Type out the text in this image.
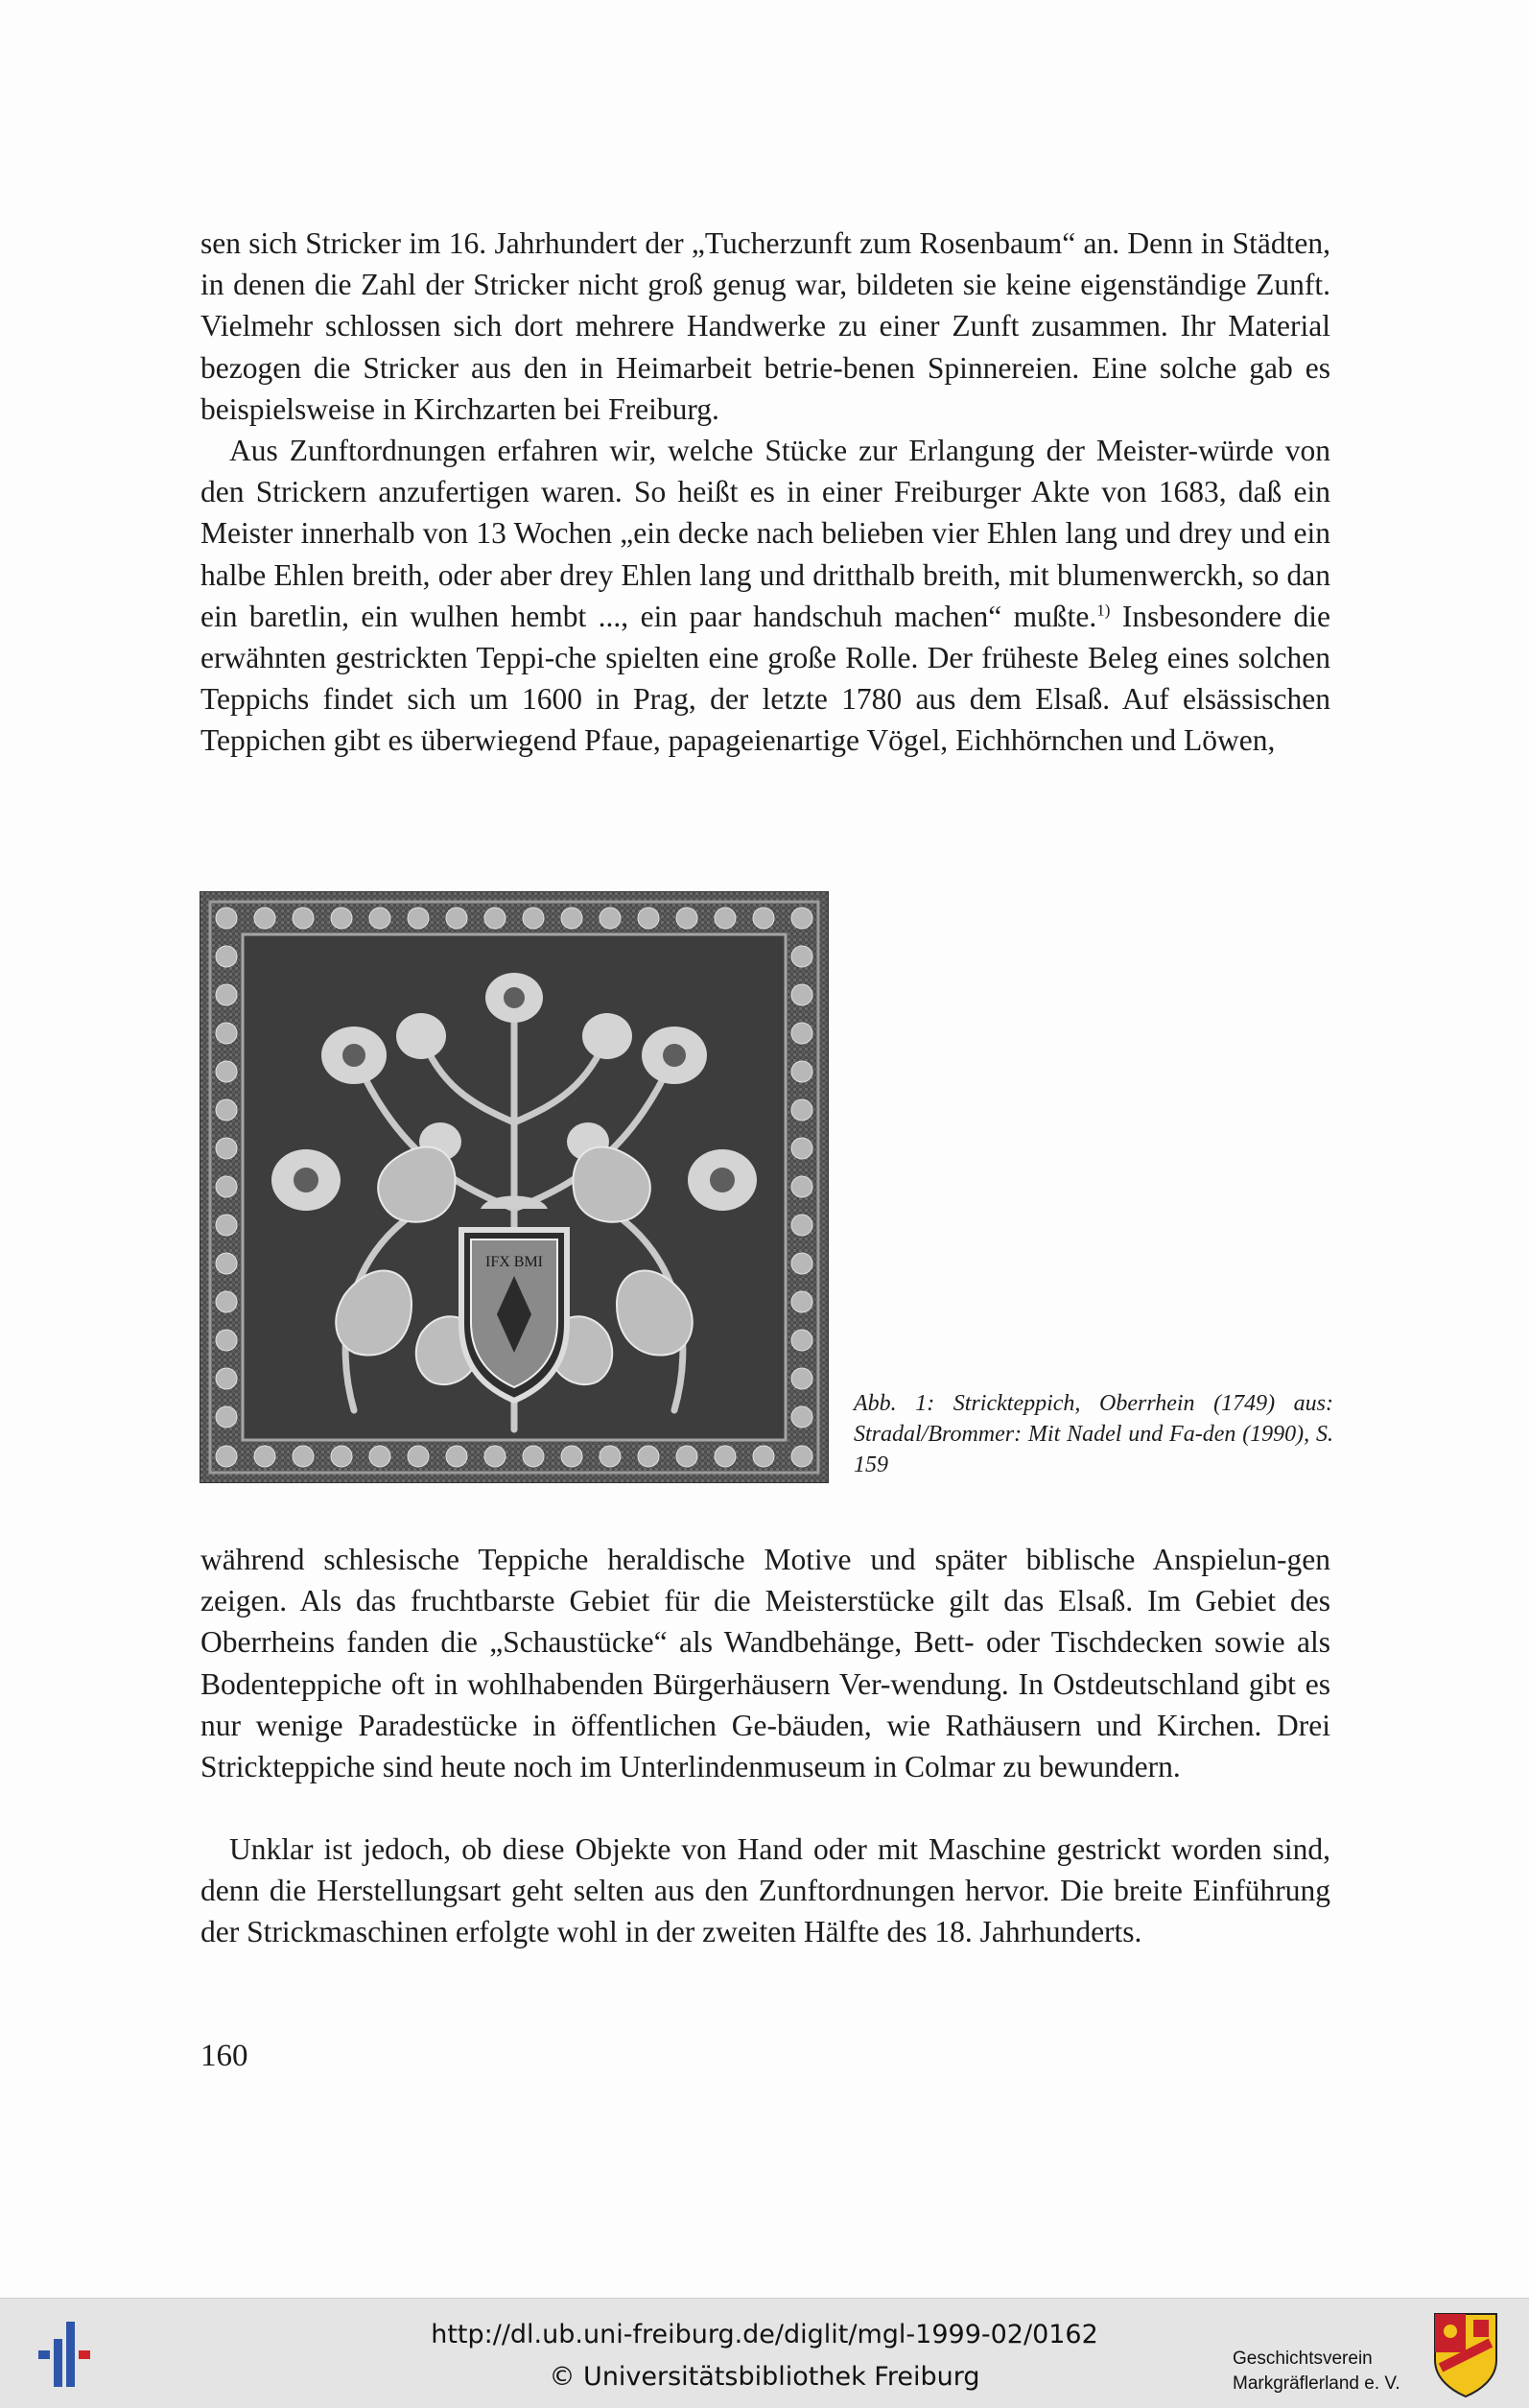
sen sich Stricker im 16. Jahrhundert der „Tucherzunft zum Rosenbaum“ an. Denn in Städten, in denen die Zahl der Stricker nicht groß genug war, bildeten sie keine eigenständige Zunft. Vielmehr schlossen sich dort mehrere Handwerke zu einer Zunft zusammen. Ihr Material bezogen die Stricker aus den in Heimarbeit betrie-benen Spinnereien. Eine solche gab es beispielsweise in Kirchzarten bei Freiburg.

Aus Zunftordnungen erfahren wir, welche Stücke zur Erlangung der Meister-würde von den Strickern anzufertigen waren. So heißt es in einer Freiburger Akte von 1683, daß ein Meister innerhalb von 13 Wochen „ein decke nach belieben vier Ehlen lang und drey und ein halbe Ehlen breith, oder aber drey Ehlen lang und dritthalb breith, mit blumenwerckh, so dan ein baretlin, ein wulhen hembt ..., ein paar handschuh machen“ mußte.$^{1)}$ Insbesondere die erwähnten gestrickten Teppi-che spielten eine große Rolle. Der früheste Beleg eines solchen Teppichs findet sich um 1600 in Prag, der letzte 1780 aus dem Elsaß. Auf elsässischen Teppichen gibt es überwiegend Pfaue, papageienartige Vögel, Eichhörnchen und Löwen,

IFX BMI

Abb. 1: Strickteppich, Oberrhein (1749) aus: Stradal/Brommer: Mit Nadel und Fa-den (1990), S. 159

während schlesische Teppiche heraldische Motive und später biblische Anspielun-gen zeigen. Als das fruchtbarste Gebiet für die Meisterstücke gilt das Elsaß. Im Gebiet des Oberrheins fanden die „Schaustücke“ als Wandbehänge, Bett- oder Tischdecken sowie als Bodenteppiche oft in wohlhabenden Bürgerhäusern Ver-wendung. In Ostdeutschland gibt es nur wenige Paradestücke in öffentlichen Ge-bäuden, wie Rathäusern und Kirchen. Drei Strickteppiche sind heute noch im Unterlindenmuseum in Colmar zu bewundern.

Unklar ist jedoch, ob diese Objekte von Hand oder mit Maschine gestrickt worden sind, denn die Herstellungsart geht selten aus den Zunftordnungen hervor. Die breite Einführung der Strickmaschinen erfolgte wohl in der zweiten Hälfte des 18. Jahrhunderts.

160

http://dl.ub.uni-freiburg.de/diglit/mgl-1999-02/0162
© Universitätsbibliothek Freiburg
Geschichtsverein
Markgräflerland e. V.
